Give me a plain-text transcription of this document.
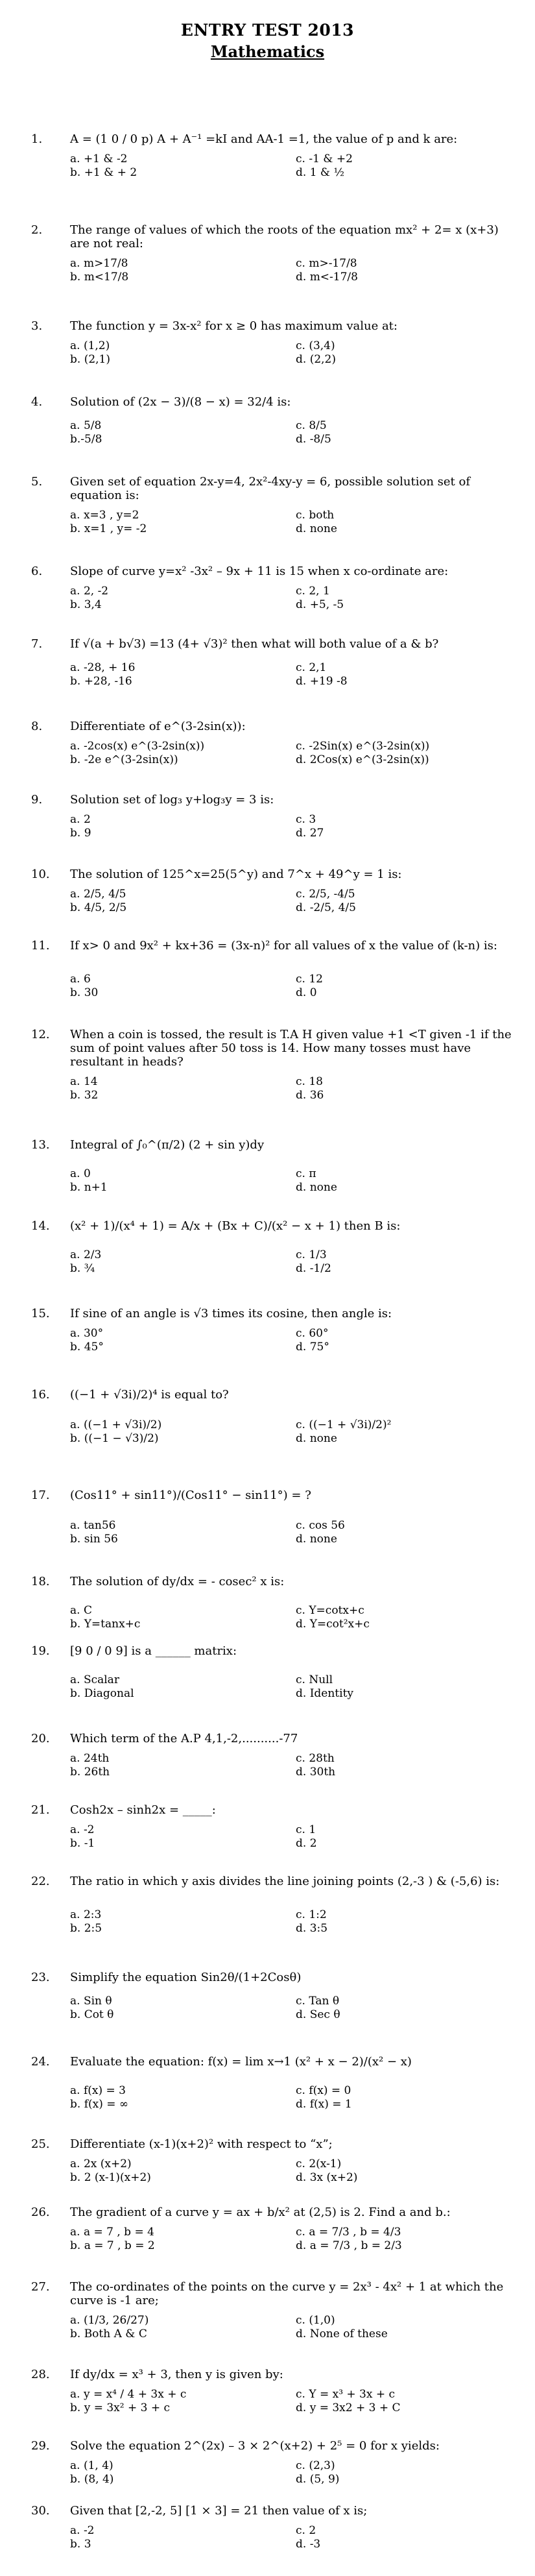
ENTRY TEST 2013
Mathematics
1.	A = (1 0 / 0 p) A + A⁻¹ =kI and AA-1 =1, the value of p and k are:
a. +1 & -2	c. -1 & +2
b. +1 & + 2	d. 1 & ½
2.	The range of values of which the roots of the equation mx² + 2= x (x+3) are not real:
a. m>17/8	c. m>-17/8
b. m<17/8	d. m<-17/8
3.	The function y = 3x-x² for x ≥ 0 has maximum value at:
a. (1,2)	c. (3,4)
b. (2,1)	d. (2,2)
4.	Solution of (2x − 3)/(8 − x) = 32/4 is:
a. 5/8	c. 8/5
b.-5/8	d. -8/5
5.	Given set of equation 2x-y=4, 2x²-4xy-y = 6, possible solution set of equation is:
a. x=3 , y=2	c. both
b. x=1 , y= -2	d. none
6.	Slope of curve y=x² -3x² – 9x + 11 is 15 when x co-ordinate are:
a. 2, -2	c. 2, 1
b. 3,4	d. +5, -5
7.	If √(a + b√3) =13 (4+ √3)² then what will both value of a & b?
a. -28, + 16	c. 2,1
b. +28, -16	d. +19 -8
8.	Differentiate of e^(3-2sin(x)):
a. -2cos(x) e^(3-2sin(x))	c. -2Sin(x) e^(3-2sin(x))
b. -2e e^(3-2sin(x))	d. 2Cos(x) e^(3-2sin(x))
9.	Solution set of log₃ y+log₃y = 3 is:
a. 2	c. 3
b. 9	d. 27
10.	The solution of 125^x=25(5^y) and 7^x + 49^y = 1 is:
a. 2/5, 4/5	c. 2/5, -4/5
b. 4/5, 2/5	d. -2/5, 4/5
11.	If x> 0 and 9x² + kx+36 = (3x-n)² for all values of x the value of (k-n) is:
a. 6	c. 12
b. 30	d. 0
12.	When a coin is tossed, the result is T.A H given value +1 <T given -1 if the sum of point values after 50 toss is 14. How many tosses must have resultant in heads?
a. 14	c. 18
b. 32	d. 36
13.	Integral of ∫₀^(π/2) (2 + sin y)dy
a. 0	c. π
b. n+1	d. none
14.	(x² + 1)/(x⁴ + 1) = A/x + (Bx + C)/(x² − x + 1) then B is:
a. 2/3	c. 1/3
b. ¾	d. -1/2
15.	If sine of an angle is √3 times its cosine, then angle is:
a. 30°	c. 60°
b. 45°	d. 75°
16.	((−1 + √3i)/2)⁴ is equal to?
a. ((−1 + √3i)/2)	c. ((−1 + √3i)/2)²
b. ((−1 − √3)/2)	d. none
17.	(Cos11° + sin11°)/(Cos11° − sin11°) = ?
a. tan56	c. cos 56
b. sin 56	d. none
18.	The solution of dy/dx = - cosec² x is:
a. C	c. Y=cotx+c
b. Y=tanx+c	d. Y=cot²x+c
19.	[9 0 / 0 9] is a ______ matrix:
a. Scalar	c. Null
b. Diagonal	d. Identity
20.	Which term of the A.P 4,1,-2,..........-77
a. 24th	c. 28th
b. 26th	d. 30th
21.	Cosh2x – sinh2x = _____:
a. -2	c. 1
b. -1	d. 2
22.	The ratio in which y axis divides the line joining points (2,-3 ) & (-5,6) is:
a. 2:3	c. 1:2
b. 2:5	d. 3:5
23.	Simplify the equation Sin2θ/(1+2Cosθ)
a. Sin θ	c. Tan θ
b. Cot θ	d. Sec θ
24.	Evaluate the equation: f(x) = lim x→1 (x² + x − 2)/(x² − x)
a. f(x) = 3	c. f(x) = 0
b. f(x) = ∞	d. f(x) = 1
25.	Differentiate (x-1)(x+2)² with respect to “x”;
a. 2x (x+2)	c. 2(x-1)
b. 2 (x-1)(x+2)	d. 3x (x+2)
26.	The gradient of a curve y = ax + b/x² at (2,5) is 2. Find a and b.:
a. a = 7 , b = 4	c. a = 7/3 , b = 4/3
b. a = 7 , b = 2	d. a = 7/3 , b = 2/3
27.	The co-ordinates of the points on the curve y = 2x³ - 4x² + 1 at which the curve is -1 are;
a. (1/3, 26/27)	c. (1,0)
b. Both A & C	d. None of these
28.	If dy/dx = x³ + 3, then y is given by:
a. y = x⁴ / 4 + 3x + c	c. Y = x³ + 3x + c
b. y = 3x² + 3 + c	d. y = 3x2 + 3 + C
29.	Solve the equation 2^(2x) – 3 × 2^(x+2) + 2⁵ = 0 for x yields:
a. (1, 4)	c. (2,3)
b. (8, 4)	d. (5, 9)
30.	Given that [2,-2, 5] [1 × 3] = 21 then value of x is;
a. -2	c. 2
b. 3	d. -3
